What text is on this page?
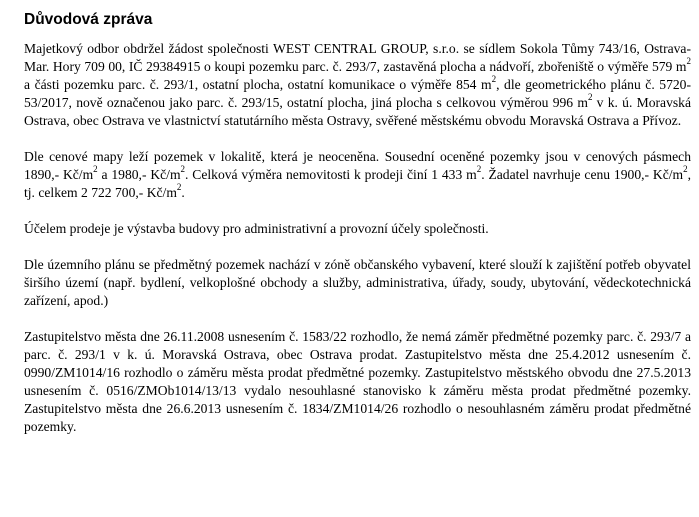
Důvodová zpráva

Majetkový odbor obdržel žádost společnosti WEST CENTRAL GROUP, s.r.o. se sídlem Sokola Tůmy 743/16, Ostrava-Mar. Hory 709 00, IČ 29384915 o koupi pozemku parc. č. 293/7, zastavěná plocha a nádvoří, zbořeniště o výměře 579 $m^2$ a části pozemku parc. č. 293/1, ostatní plocha, ostatní komunikace o výměře 854 $m^2$, dle geometrického plánu č. 5720-53/2017, nově označenou jako parc. č. 293/15, ostatní plocha, jiná plocha s celkovou výměrou 996 $m^2$ v k. ú. Moravská Ostrava, obec Ostrava ve vlastnictví statutárního města Ostravy, svěřené městskému obvodu Moravská Ostrava a Přívoz.

Dle cenové mapy leží pozemek v lokalitě, která je neoceněna. Sousední oceněné pozemky jsou v cenových pásmech 1890,- $Kč/m^2$ a 1980,- $Kč/m^2$. Celková výměra nemovitosti k prodeji činí 1 433 $m^2$. Žadatel navrhuje cenu 1900,- $Kč/m^2$, tj. celkem 2 722 700,- $Kč/m^2$.

Účelem prodeje je výstavba budovy pro administrativní a provozní účely společnosti.

Dle územního plánu se předmětný pozemek nachází v zóně občanského vybavení, které slouží k zajištění potřeb obyvatel širšího území (např. bydlení, velkoplošné obchody a služby, administrativa, úřady, soudy, ubytování, vědeckotechnická zařízení, apod.)

Zastupitelstvo města dne 26.11.2008 usnesením č. 1583/22 rozhodlo, že nemá záměr předmětné pozemky parc. č. 293/7 a parc. č. 293/1 v k. ú. Moravská Ostrava, obec Ostrava prodat. Zastupitelstvo města dne 25.4.2012 usnesením č. 0990/ZM1014/16 rozhodlo o záměru města prodat předmětné pozemky. Zastupitelstvo městského obvodu dne 27.5.2013 usnesením č. 0516/ZMOb1014/13/13 vydalo nesouhlasné stanovisko k záměru města prodat předmětné pozemky. Zastupitelstvo města dne 26.6.2013 usnesením č. 1834/ZM1014/26 rozhodlo o nesouhlasném záměru prodat předmětné pozemky.
